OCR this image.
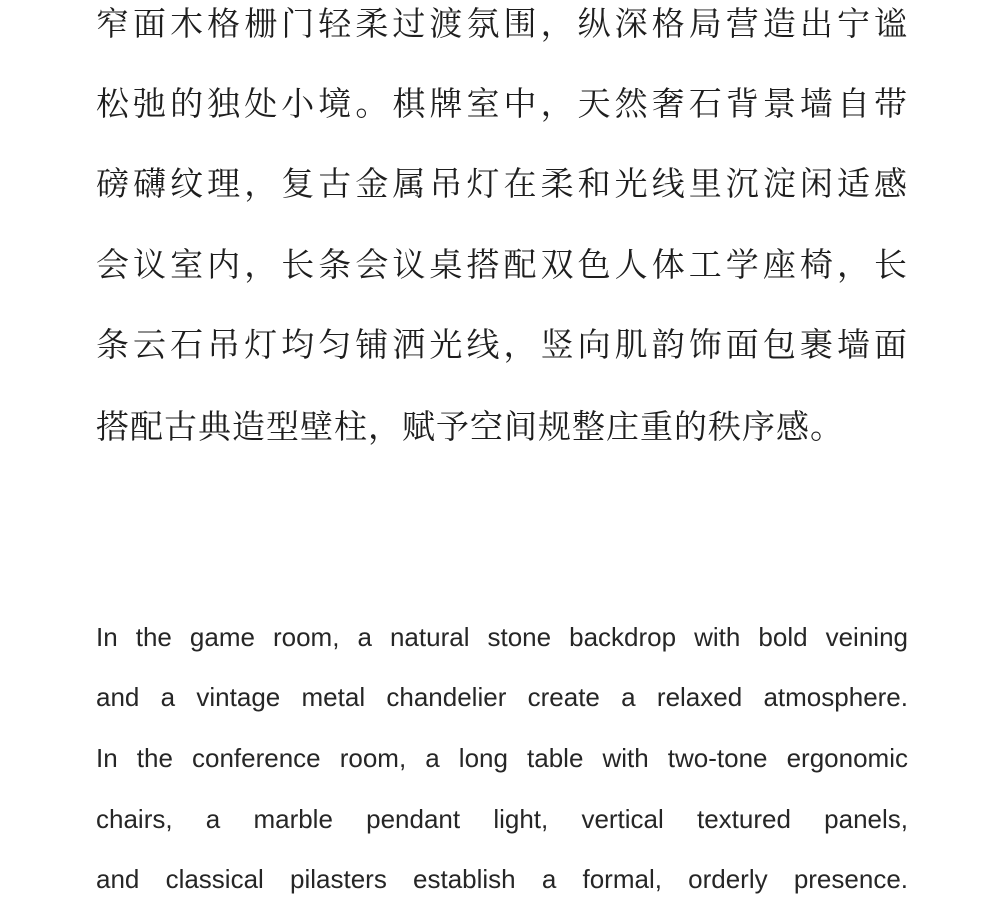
窄面木格栅门轻柔过渡氛围，纵深格局营造出宁谧
松弛的独处小境。棋牌室中，天然奢石背景墙自带
磅礴纹理，复古金属吊灯在柔和光线里沉淀闲适感
会议室内，长条会议桌搭配双色人体工学座椅，长
条云石吊灯均匀铺洒光线，竖向肌韵饰面包裹墙面
搭配古典造型壁柱，赋予空间规整庄重的秩序感。
In the game room, a natural stone backdrop with bold veining
and a vintage metal chandelier create a relaxed atmosphere.
In the conference room, a long table with two-tone ergonomic
chairs, a marble pendant light, vertical textured panels,
and classical pilasters establish a formal, orderly presence.
